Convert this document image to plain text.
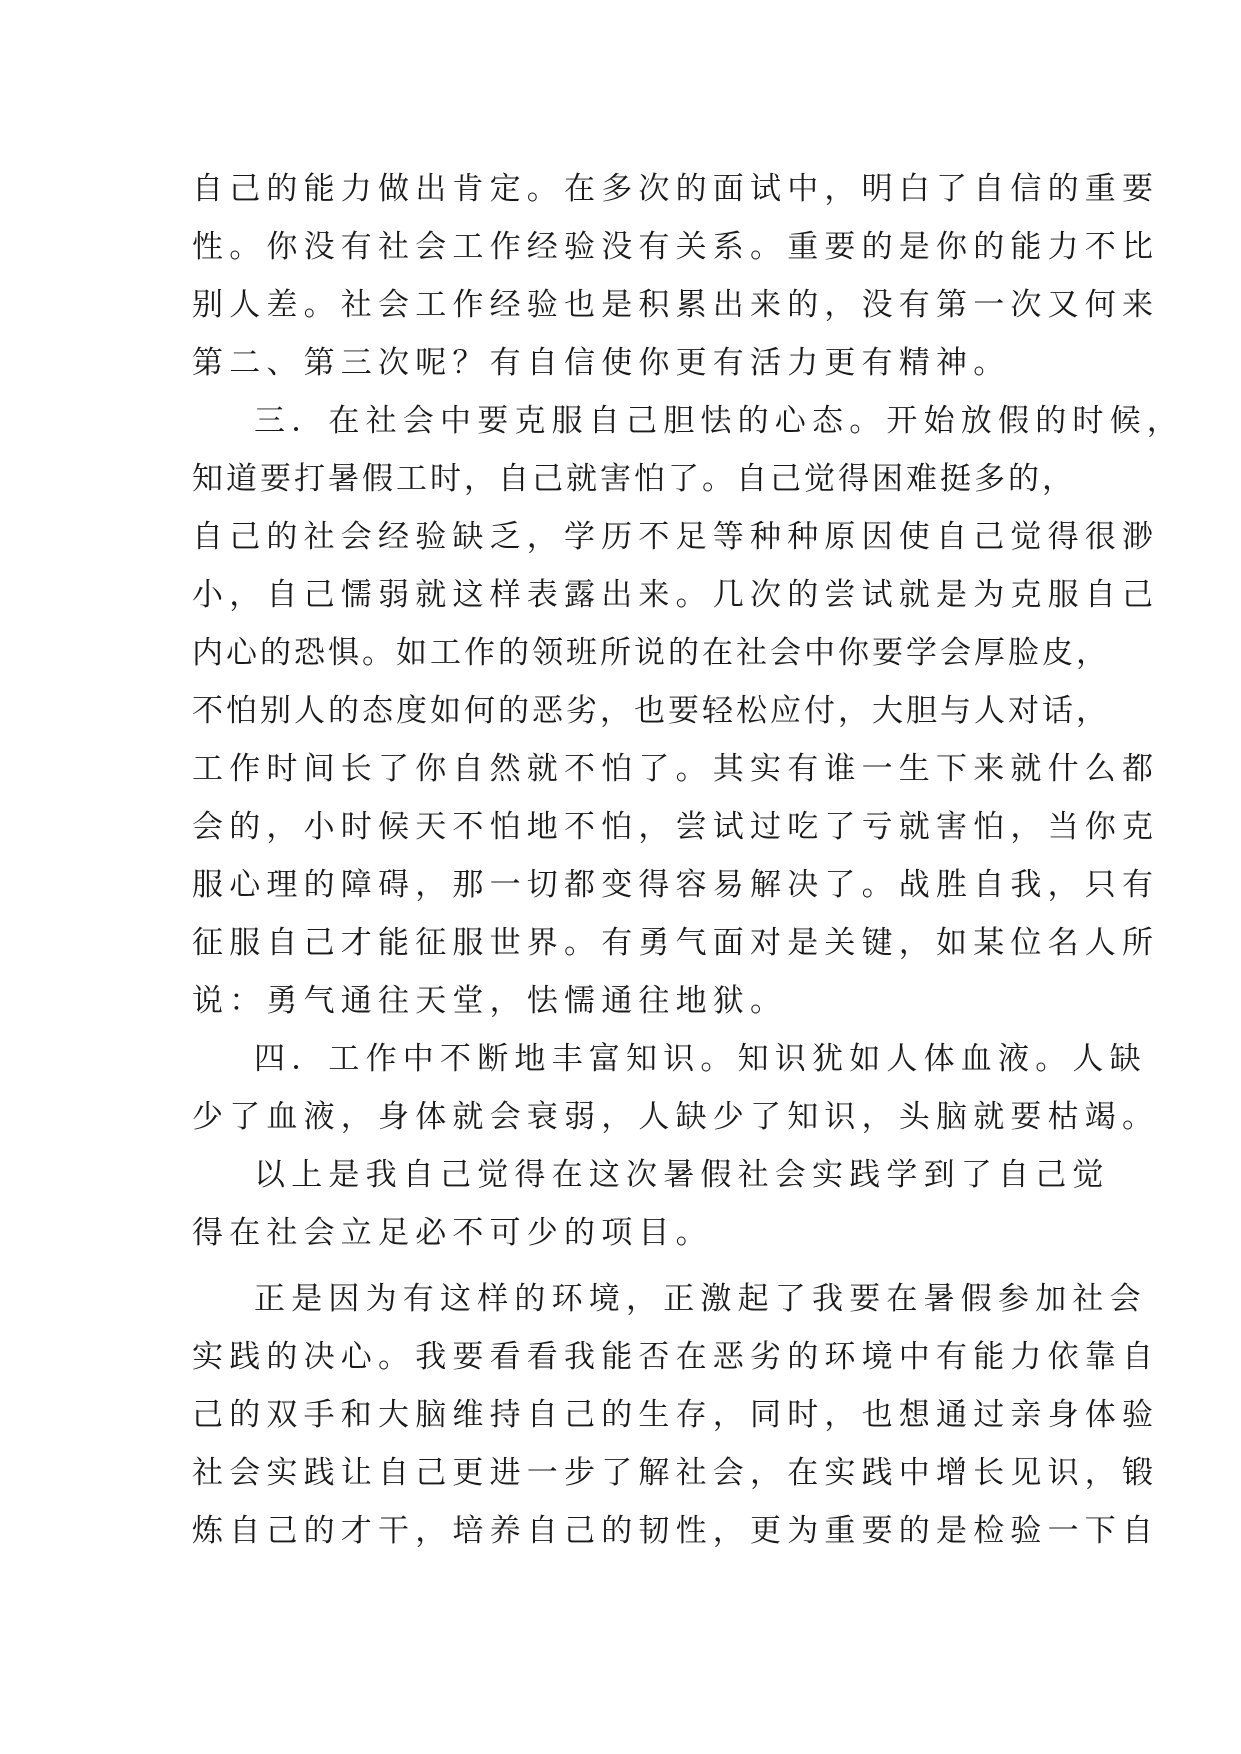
自己的能力做出肯定。在多次的面试中，明白了自信的重要
性。你没有社会工作经验没有关系。重要的是你的能力不比
别人差。社会工作经验也是积累出来的，没有第一次又何来
第二、第三次呢？有自信使你更有活力更有精神。
三．在社会中要克服自己胆怯的心态。开始放假的时候，
知道要打暑假工时，自己就害怕了。自己觉得困难挺多的，
自己的社会经验缺乏，学历不足等种种原因使自己觉得很渺
小，自己懦弱就这样表露出来。几次的尝试就是为克服自己
内心的恐惧。如工作的领班所说的在社会中你要学会厚脸皮，
不怕别人的态度如何的恶劣，也要轻松应付，大胆与人对话，
工作时间长了你自然就不怕了。其实有谁一生下来就什么都
会的，小时候天不怕地不怕，尝试过吃了亏就害怕，当你克
服心理的障碍，那一切都变得容易解决了。战胜自我，只有
征服自己才能征服世界。有勇气面对是关键，如某位名人所
说：勇气通往天堂，怯懦通往地狱。
四．工作中不断地丰富知识。知识犹如人体血液。人缺
少了血液，身体就会衰弱，人缺少了知识，头脑就要枯竭。
以上是我自己觉得在这次暑假社会实践学到了自己觉
得在社会立足必不可少的项目。
正是因为有这样的环境，正激起了我要在暑假参加社会
实践的决心。我要看看我能否在恶劣的环境中有能力依靠自
己的双手和大脑维持自己的生存，同时，也想通过亲身体验
社会实践让自己更进一步了解社会，在实践中增长见识，锻
炼自己的才干，培养自己的韧性，更为重要的是检验一下自
